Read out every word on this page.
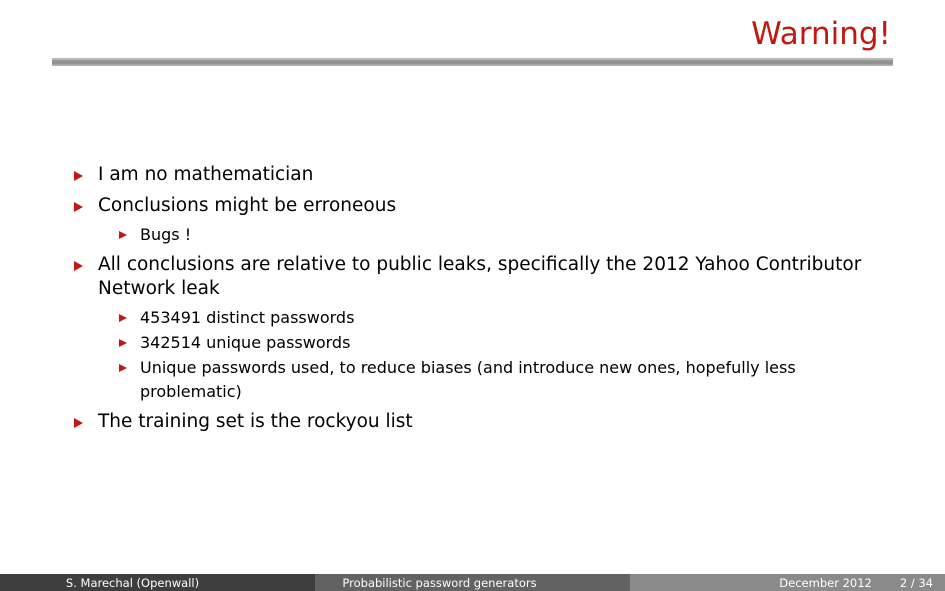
Warning!
I am no mathematician
Conclusions might be erroneous
Bugs !
All conclusions are relative to public leaks, specifically the 2012 Yahoo Contributor Network leak
453491 distinct passwords
342514 unique passwords
Unique passwords used, to reduce biases (and introduce new ones, hopefully less problematic)
The training set is the rockyou list
S. Marechal (Openwall)	Probabilistic password generators	December 2012 2 / 34
